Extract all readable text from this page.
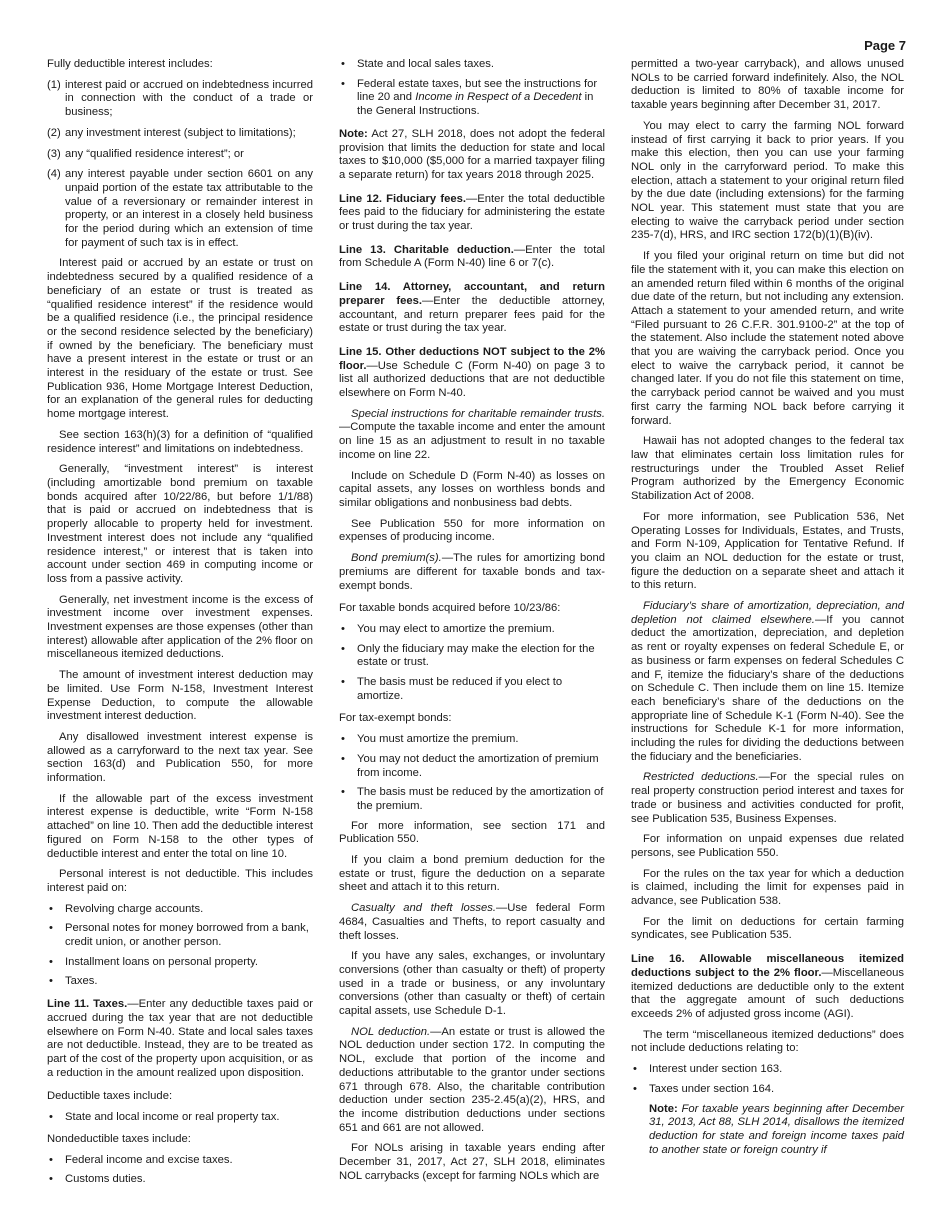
Page 7
Fully deductible interest includes:
(1) interest paid or accrued on indebtedness incurred in connection with the conduct of a trade or business;
(2) any investment interest (subject to limitations);
(3) any “qualified residence interest”; or
(4) any interest payable under section 6601 on any unpaid portion of the estate tax attributable to the value of a reversionary or remainder interest in property, or an interest in a closely held business for the period during which an extension of time for payment of such tax is in effect.

Interest paid or accrued by an estate or trust on indebtedness secured by a qualified residence of a beneficiary of an estate or trust is treated as “qualified residence interest” if the residence would be a qualified residence (i.e., the principal residence or the second residence selected by the beneficiary) if owned by the beneficiary. The beneficiary must have a present interest in the estate or trust or an interest in the residuary of the estate or trust. See Publication 936, Home Mortgage Interest Deduction, for an explanation of the general rules for deducting home mortgage interest.

See section 163(h)(3) for a definition of “qualified residence interest” and limitations on indebtedness.

Generally, “investment interest” is interest (including amortizable bond premium on taxable bonds acquired after 10/22/86, but before 1/1/88) that is paid or accrued on indebtedness that is properly allocable to property held for investment. Investment interest does not include any “qualified residence interest,” or interest that is taken into account under section 469 in computing income or loss from a passive activity.

Generally, net investment income is the excess of investment income over investment expenses. Investment expenses are those expenses (other than interest) allowable after application of the 2% floor on miscellaneous itemized deductions.

The amount of investment interest deduction may be limited. Use Form N-158, Investment Interest Expense Deduction, to compute the allowable investment interest deduction.

Any disallowed investment interest expense is allowed as a carryforward to the next tax year. See section 163(d) and Publication 550, for more information.

If the allowable part of the excess investment interest expense is deductible, write “Form N-158 attached” on line 10. Then add the deductible interest figured on Form N-158 to the other types of deductible interest and enter the total on line 10.

Personal interest is not deductible. This includes interest paid on:

•	Revolving charge accounts.
•	Personal notes for money borrowed from a bank, credit union, or another person.
•	Installment loans on personal property.
•	Taxes.

Line 11. Taxes.—Enter any deductible taxes paid or accrued during the tax year that are not deductible elsewhere on Form N-40. State and local sales taxes are not deductible. Instead, they are to be treated as part of the cost of the property upon acquisition, or as a reduction in the amount realized upon disposition.

Deductible taxes include:
•	State and local income or real property tax.
Nondeductible taxes include:
•	Federal income and excise taxes.
•	Customs duties.
•	State and local sales taxes.
•	Federal estate taxes, but see the instructions for line 20 and Income in Respect of a Decedent in the General Instructions.

Note: Act 27, SLH 2018, does not adopt the federal provision that limits the deduction for state and local taxes to $10,000 ($5,000 for a married taxpayer filing a separate return) for tax years 2018 through 2025.

Line 12. Fiduciary fees.—Enter the total deductible fees paid to the fiduciary for administering the estate or trust during the tax year.

Line 13. Charitable deduction.—Enter the total from Schedule A (Form N-40) line 6 or 7(c).

Line 14. Attorney, accountant, and return preparer fees.—Enter the deductible attorney, accountant, and return preparer fees paid for the estate or trust during the tax year.

Line 15. Other deductions NOT subject to the 2% floor.—Use Schedule C (Form N-40) on page 3 to list all authorized deductions that are not deductible elsewhere on Form N-40.

Special instructions for charitable remainder trusts.—Compute the taxable income and enter the amount on line 15 as an adjustment to result in no taxable income on line 22.

Include on Schedule D (Form N-40) as losses on capital assets, any losses on worthless bonds and similar obligations and nonbusiness bad debts.

See Publication 550 for more information on expenses of producing income.

Bond premium(s).—The rules for amortizing bond premiums are different for taxable bonds and tax-exempt bonds.

For taxable bonds acquired before 10/23/86:
•	You may elect to amortize the premium.
•	Only the fiduciary may make the election for the estate or trust.
•	The basis must be reduced if you elect to amortize.
For tax-exempt bonds:
•	You must amortize the premium.
•	You may not deduct the amortization of premium from income.
•	The basis must be reduced by the amortization of the premium.

For more information, see section 171 and Publication 550.

If you claim a bond premium deduction for the estate or trust, figure the deduction on a separate sheet and attach it to this return.

Casualty and theft losses.—Use federal Form 4684, Casualties and Thefts, to report casualty and theft losses.

If you have any sales, exchanges, or involuntary conversions (other than casualty or theft) of property used in a trade or business, or any involuntary conversions (other than casualty or theft) of certain capital assets, use Schedule D-1.

NOL deduction.—An estate or trust is allowed the NOL deduction under section 172. In computing the NOL, exclude that portion of the income and deductions attributable to the grantor under sections 671 through 678. Also, the charitable contribution deduction under section 235-2.45(a)(2), HRS, and the income distribution deductions under sections 651 and 661 are not allowed.

For NOLs arising in taxable years ending after December 31, 2017, Act 27, SLH 2018, eliminates NOL carrybacks (except for farming NOLs which are

permitted a two-year carryback), and allows unused NOLs to be carried forward indefinitely. Also, the NOL deduction is limited to 80% of taxable income for taxable years beginning after December 31, 2017.

You may elect to carry the farming NOL forward instead of first carrying it back to prior years. If you make this election, then you can use your farming NOL only in the carryforward period. To make this election, attach a statement to your original return filed by the due date (including extensions) for the farming NOL year. This statement must state that you are electing to waive the carryback period under section 235-7(d), HRS, and IRC section 172(b)(1)(B)(iv).

If you filed your original return on time but did not file the statement with it, you can make this election on an amended return filed within 6 months of the original due date of the return, but not including any extension. Attach a statement to your amended return, and write “Filed pursuant to 26 C.F.R. 301.9100-2” at the top of the statement. Also include the statement noted above that you are waiving the carryback period. Once you elect to waive the carryback period, it cannot be changed later. If you do not file this statement on time, the carryback period cannot be waived and you must first carry the farming NOL back before carrying it forward.

Hawaii has not adopted changes to the federal tax law that eliminates certain loss limitation rules for restructurings under the Troubled Asset Relief Program authorized by the Emergency Economic Stabilization Act of 2008.

For more information, see Publication 536, Net Operating Losses for Individuals, Estates, and Trusts, and Form N-109, Application for Tentative Refund. If you claim an NOL deduction for the estate or trust, figure the deduction on a separate sheet and attach it to this return.

Fiduciary’s share of amortization, depreciation, and depletion not claimed elsewhere.—If you cannot deduct the amortization, depreciation, and depletion as rent or royalty expenses on federal Schedule E, or as business or farm expenses on federal Schedules C and F, itemize the fiduciary’s share of the deductions on Schedule C. Then include them on line 15. Itemize each beneficiary’s share of the deductions on the appropriate line of Schedule K-1 (Form N-40). See the instructions for Schedule K-1 for more information, including the rules for dividing the deductions between the fiduciary and the beneficiaries.

Restricted deductions.—For the special rules on real property construction period interest and taxes for trade or business and activities conducted for profit, see Publication 535, Business Expenses.

For information on unpaid expenses due related persons, see Publication 550.

For the rules on the tax year for which a deduction is claimed, including the limit for expenses paid in advance, see Publication 538.

For the limit on deductions for certain farming syndicates, see Publication 535.

Line 16. Allowable miscellaneous itemized deductions subject to the 2% floor.—Miscellaneous itemized deductions are deductible only to the extent that the aggregate amount of such deductions exceeds 2% of adjusted gross income (AGI).

The term “miscellaneous itemized deductions” does not include deductions relating to:

•	Interest under section 163.
•	Taxes under section 164.

Note: For taxable years beginning after December 31, 2013, Act 88, SLH 2014, disallows the itemized deduction for state and foreign income taxes paid to another state or foreign country if
